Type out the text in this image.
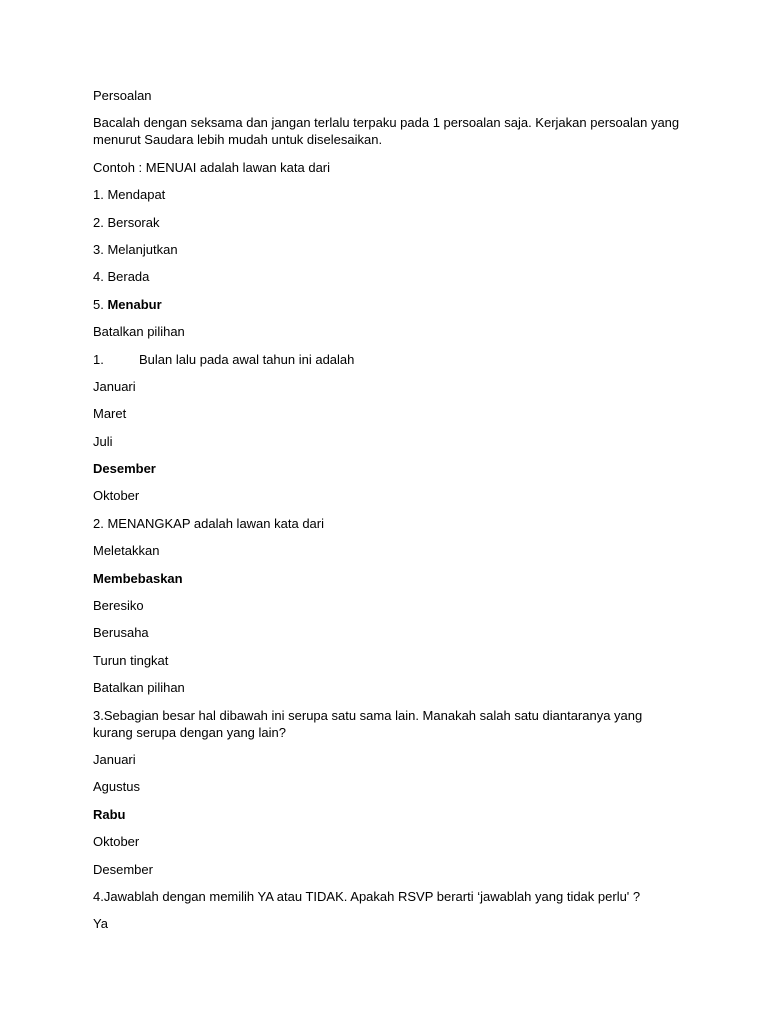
Persoalan

Bacalah dengan seksama dan jangan terlalu terpaku pada 1 persoalan saja. Kerjakan persoalan yang menurut Saudara lebih mudah untuk diselesaikan.

Contoh : MENUAI adalah lawan kata dari

1. Mendapat

2. Bersorak

3. Melanjutkan

4. Berada

5. Menabur

Batalkan pilihan

1.	Bulan lalu pada awal tahun ini adalah

Januari

Maret

Juli

Desember

Oktober

2. MENANGKAP adalah lawan kata dari

Meletakkan

Membebaskan

Beresiko

Berusaha

Turun tingkat

Batalkan pilihan

3.Sebagian besar hal dibawah ini serupa satu sama lain. Manakah salah satu diantaranya yang kurang serupa dengan yang lain?

Januari

Agustus

Rabu

Oktober

Desember

4.Jawablah dengan memilih YA atau TIDAK. Apakah RSVP berarti ‘jawablah yang tidak perlu' ?

Ya
